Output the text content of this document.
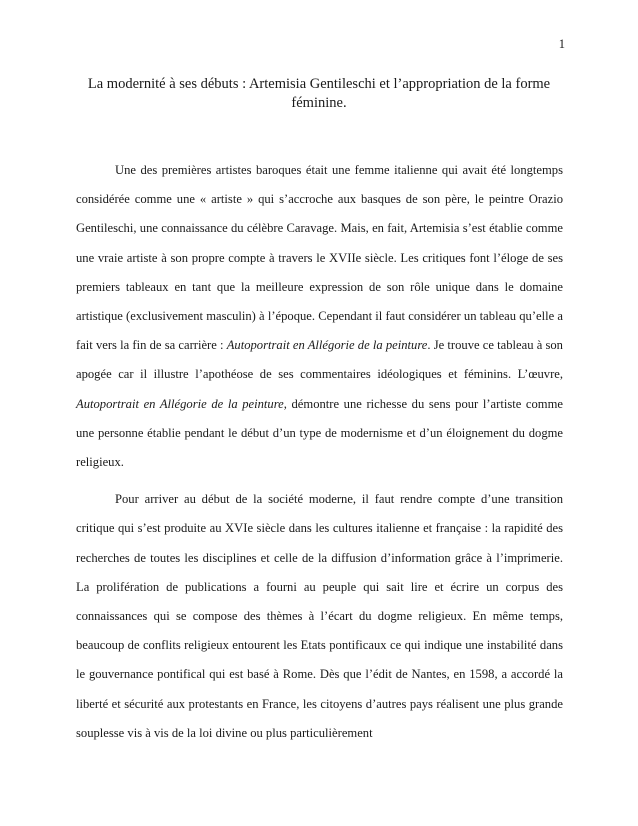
1
La modernité à ses débuts : Artemisia Gentileschi et l’appropriation de la forme féminine.

Une des premières artistes baroques était une femme italienne qui avait été longtemps considérée comme une « artiste » qui s’accroche aux basques de son père, le peintre Orazio Gentileschi, une connaissance du célèbre Caravage. Mais, en fait, Artemisia s’est établie comme une vraie artiste à son propre compte à travers le XVIIe siècle. Les critiques font l’éloge de ses premiers tableaux en tant que la meilleure expression de son rôle unique dans le domaine artistique (exclusivement masculin) à l’époque. Cependant il faut considérer un tableau qu’elle a fait vers la fin de sa carrière : Autoportrait en Allégorie de la peinture. Je trouve ce tableau à son apogée car il illustre l’apothéose de ses commentaires idéologiques et féminins. L’œuvre, Autoportrait en Allégorie de la peinture, démontre une richesse du sens pour l’artiste comme une personne établie pendant le début d’un type de modernisme et d’un éloignement du dogme religieux.

Pour arriver au début de la société moderne, il faut rendre compte d’une transition critique qui s’est produite au XVIe siècle dans les cultures italienne et française : la rapidité des recherches de toutes les disciplines et celle de la diffusion d’information grâce à l’imprimerie. La prolifération de publications a fourni au peuple qui sait lire et écrire un corpus des connaissances qui se compose des thèmes à l’écart du dogme religieux. En même temps, beaucoup de conflits religieux entourent les Etats pontificaux ce qui indique une instabilité dans le gouvernance pontifical qui est basé à Rome. Dès que l’édit de Nantes, en 1598, a accordé la liberté et sécurité aux protestants en France, les citoyens d’autres pays réalisent une plus grande souplesse vis à vis de la loi divine ou plus particulièrement
